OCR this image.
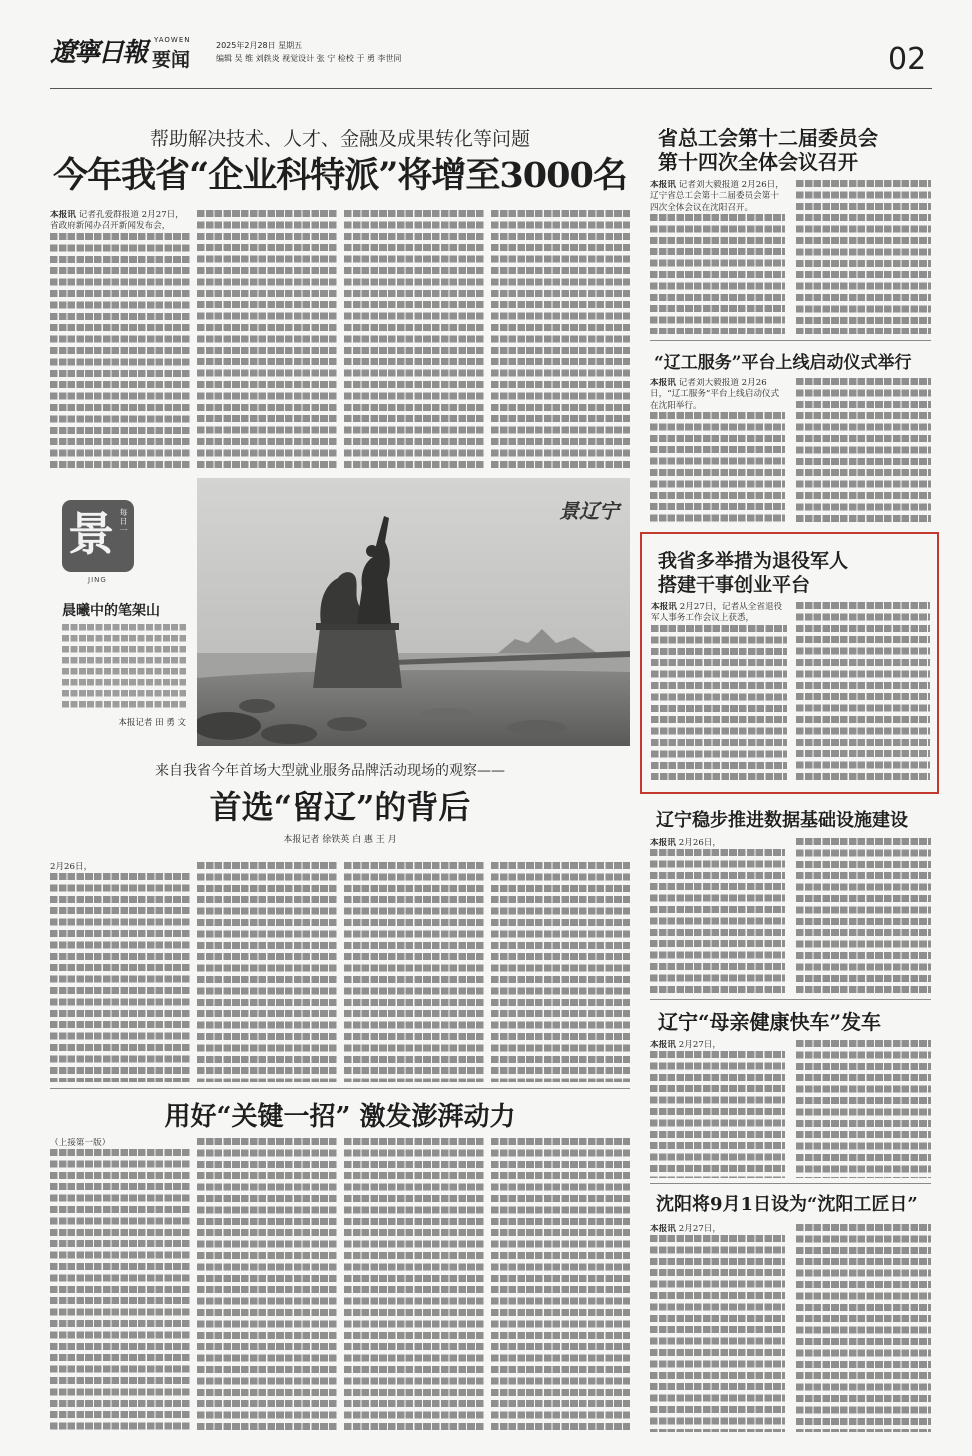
遼寧日報 YAOWEN
要闻
2025年2月28日 星期五
编辑 吴 维 刘轶炎 视觉设计 张 宁 检校 于 勇 李世同	02
帮助解决技术、人才、金融及成果转化等问题
今年我省“企业科特派”将增至3000名

本报讯 记者孔爱群报道 2月27日，省政府新闻办召开新闻发布会，

省总工会第十二届委员会
第十四次全体会议召开

本报讯 记者刘大毅报道 2月26日，辽宁省总工会第十二届委员会第十四次全体会议在沈阳召开。

“辽工服务”平台上线启动仪式举行

本报讯 记者刘大毅报道 2月26日，“辽工服务”平台上线启动仪式在沈阳举行。

景 每日一
JING
晨曦中的笔架山
本报记者 田 勇 文
景辽宁
我省多举措为退役军人
搭建干事创业平台

本报讯 2月27日，记者从全省退役军人事务工作会议上获悉，

来自我省今年首场大型就业服务品牌活动现场的观察——
首选“留辽”的背后
本报记者 徐铁英 白 惠 王 月

2月26日，

辽宁稳步推进数据基础设施建设

本报讯 2月26日，

辽宁“母亲健康快车”发车

本报讯 2月27日，

用好“关键一招” 激发澎湃动力

（上接第一版）

沈阳将9月1日设为“沈阳工匠日”

本报讯 2月27日，
